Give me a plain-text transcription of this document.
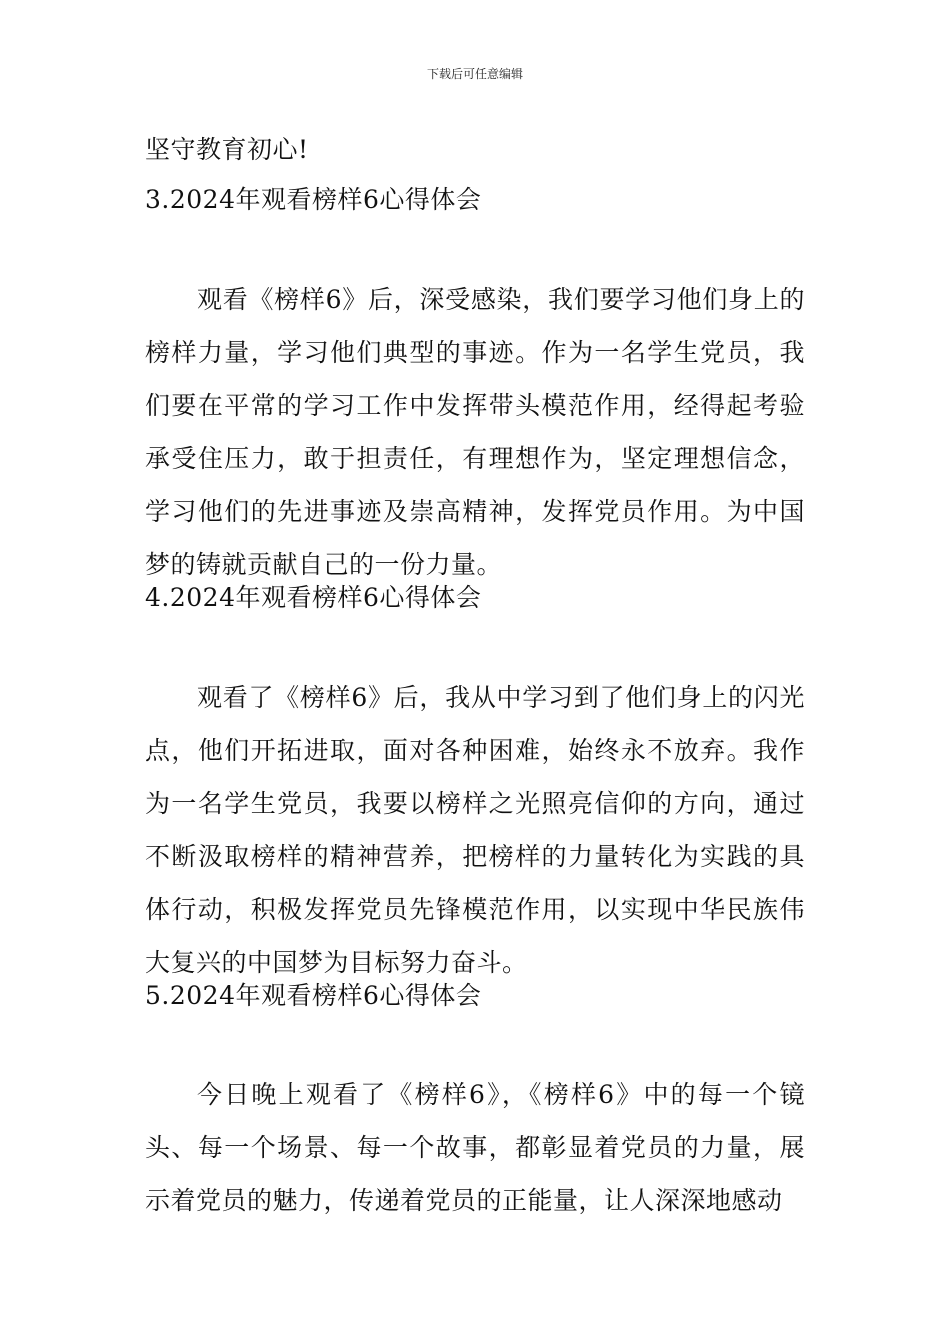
下载后可任意编辑
坚守教育初心!
3.2024年观看榜样6心得体会
观看《榜样6》后，深受感染，我们要学习他们身上的榜样力量，学习他们典型的事迹。作为一名学生党员，我们要在平常的学习工作中发挥带头模范作用，经得起考验承受住压力，敢于担责任，有理想作为，坚定理想信念，学习他们的先进事迹及崇高精神，发挥党员作用。为中国梦的铸就贡献自己的一份力量。
4.2024年观看榜样6心得体会
观看了《榜样6》后，我从中学习到了他们身上的闪光点，他们开拓进取，面对各种困难，始终永不放弃。我作为一名学生党员，我要以榜样之光照亮信仰的方向，通过不断汲取榜样的精神营养，把榜样的力量转化为实践的具体行动，积极发挥党员先锋模范作用，以实现中华民族伟大复兴的中国梦为目标努力奋斗。
5.2024年观看榜样6心得体会
今日晚上观看了《榜样6》，《榜样6》中的每一个镜头、每一个场景、每一个故事，都彰显着党员的力量，展示着党员的魅力，传递着党员的正能量，让人深深地感动
